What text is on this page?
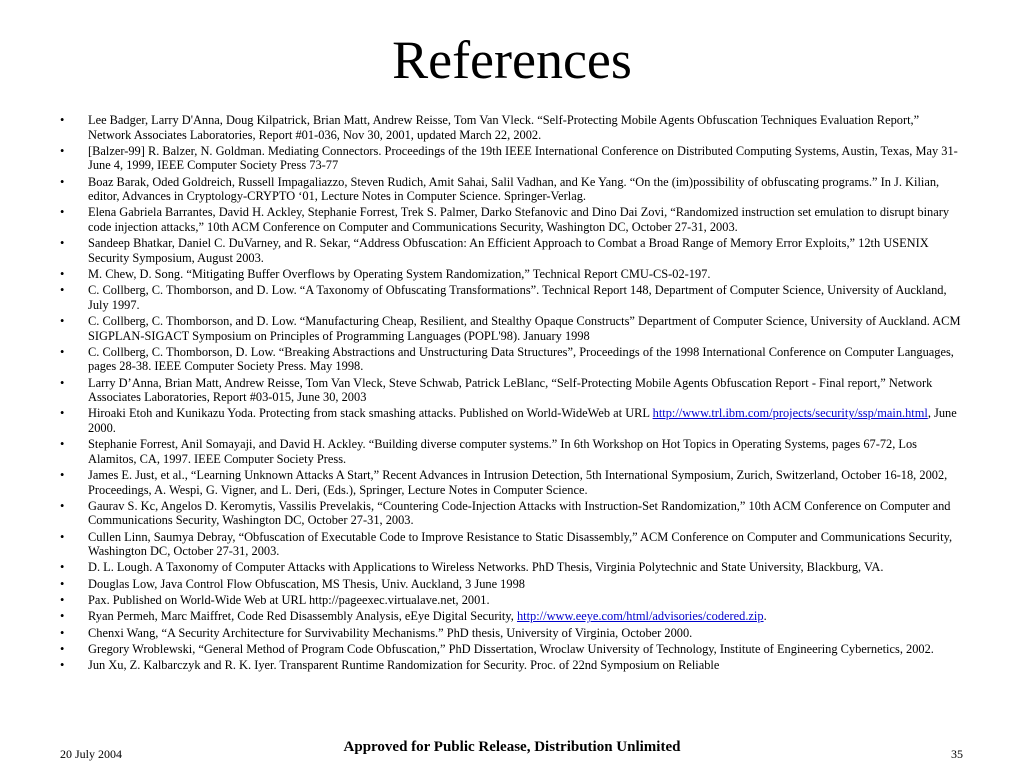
References
• Lee Badger, Larry D'Anna, Doug Kilpatrick, Brian Matt, Andrew Reisse, Tom Van Vleck. “Self-Protecting Mobile Agents Obfuscation Techniques Evaluation Report,” Network Associates Laboratories, Report #01-036, Nov 30, 2001, updated March 22, 2002.
• [Balzer-99] R. Balzer, N. Goldman. Mediating Connectors. Proceedings of the 19th IEEE International Conference on Distributed Computing Systems, Austin, Texas, May 31-June 4, 1999, IEEE Computer Society Press 73-77
• Boaz Barak, Oded Goldreich, Russell Impagaliazzo, Steven Rudich, Amit Sahai, Salil Vadhan, and Ke Yang. “On the (im)possibility of obfuscating programs.” In J. Kilian, editor, Advances in Cryptology-CRYPTO ‘01, Lecture Notes in Computer Science. Springer-Verlag.
• Elena Gabriela Barrantes, David H. Ackley, Stephanie Forrest, Trek S. Palmer, Darko Stefanovic and Dino Dai Zovi, “Randomized instruction set emulation to disrupt binary code injection attacks,” 10th ACM Conference on Computer and Communications Security, Washington DC, October 27-31, 2003.
• Sandeep Bhatkar, Daniel C. DuVarney, and R. Sekar, “Address Obfuscation: An Efficient Approach to Combat a Broad Range of Memory Error Exploits,” 12th USENIX Security Symposium, August 2003.
• M. Chew, D. Song. “Mitigating Buffer Overflows by Operating System Randomization,” Technical Report CMU-CS-02-197.
• C. Collberg, C. Thomborson, and D. Low. “A Taxonomy of Obfuscating Transformations”. Technical Report 148, Department of Computer Science, University of Auckland, July 1997.
• C. Collberg, C. Thomborson, and D. Low. “Manufacturing Cheap, Resilient, and Stealthy Opaque Constructs” Department of Computer Science, University of Auckland. ACM SIGPLAN-SIGACT Symposium on Principles of Programming Languages (POPL'98). January 1998
• C. Collberg, C. Thomborson, D. Low. “Breaking Abstractions and Unstructuring Data Structures”, Proceedings of the 1998 International Conference on Computer Languages, pages 28-38. IEEE Computer Society Press. May 1998.
• Larry D’Anna, Brian Matt, Andrew Reisse, Tom Van Vleck, Steve Schwab, Patrick LeBlanc, “Self-Protecting Mobile Agents Obfuscation Report - Final report,” Network Associates Laboratories, Report #03-015, June 30, 2003
• Hiroaki Etoh and Kunikazu Yoda. Protecting from stack smashing attacks. Published on World-WideWeb at URL http://www.trl.ibm.com/projects/security/ssp/main.html, June 2000.
• Stephanie Forrest, Anil Somayaji, and David H. Ackley. “Building diverse computer systems.” In 6th Workshop on Hot Topics in Operating Systems, pages 67-72, Los Alamitos, CA, 1997. IEEE Computer Society Press.
• James E. Just, et al., “Learning Unknown Attacks A Start,” Recent Advances in Intrusion Detection, 5th International Symposium, Zurich, Switzerland, October 16-18, 2002, Proceedings, A. Wespi, G. Vigner, and L. Deri, (Eds.), Springer, Lecture Notes in Computer Science.
• Gaurav S. Kc, Angelos D. Keromytis, Vassilis Prevelakis, “Countering Code-Injection Attacks with Instruction-Set Randomization,” 10th ACM Conference on Computer and Communications Security, Washington DC, October 27-31, 2003.
• Cullen Linn, Saumya Debray, “Obfuscation of Executable Code to Improve Resistance to Static Disassembly,” ACM Conference on Computer and Communications Security, Washington DC, October 27-31, 2003.
• D. L. Lough. A Taxonomy of Computer Attacks with Applications to Wireless Networks. PhD Thesis, Virginia Polytechnic and State University, Blackburg, VA.
• Douglas Low, Java Control Flow Obfuscation, MS Thesis, Univ. Auckland, 3 June 1998
• Pax. Published on World-Wide Web at URL http://pageexec.virtualave.net, 2001.
• Ryan Permeh, Marc Maiffret, Code Red Disassembly Analysis, eEye Digital Security, http://www.eeye.com/html/advisories/codered.zip.
• Chenxi Wang, “A Security Architecture for Survivability Mechanisms.” PhD thesis, University of Virginia, October 2000.
• Gregory Wroblewski, “General Method of Program Code Obfuscation,” PhD Dissertation, Wroclaw University of Technology, Institute of Engineering Cybernetics, 2002.
• Jun Xu, Z. Kalbarczyk and R. K. Iyer. Transparent Runtime Randomization for Security. Proc. of 22nd Symposium on Reliable
20 July 2004	Approved for Public Release, Distribution Unlimited	35
